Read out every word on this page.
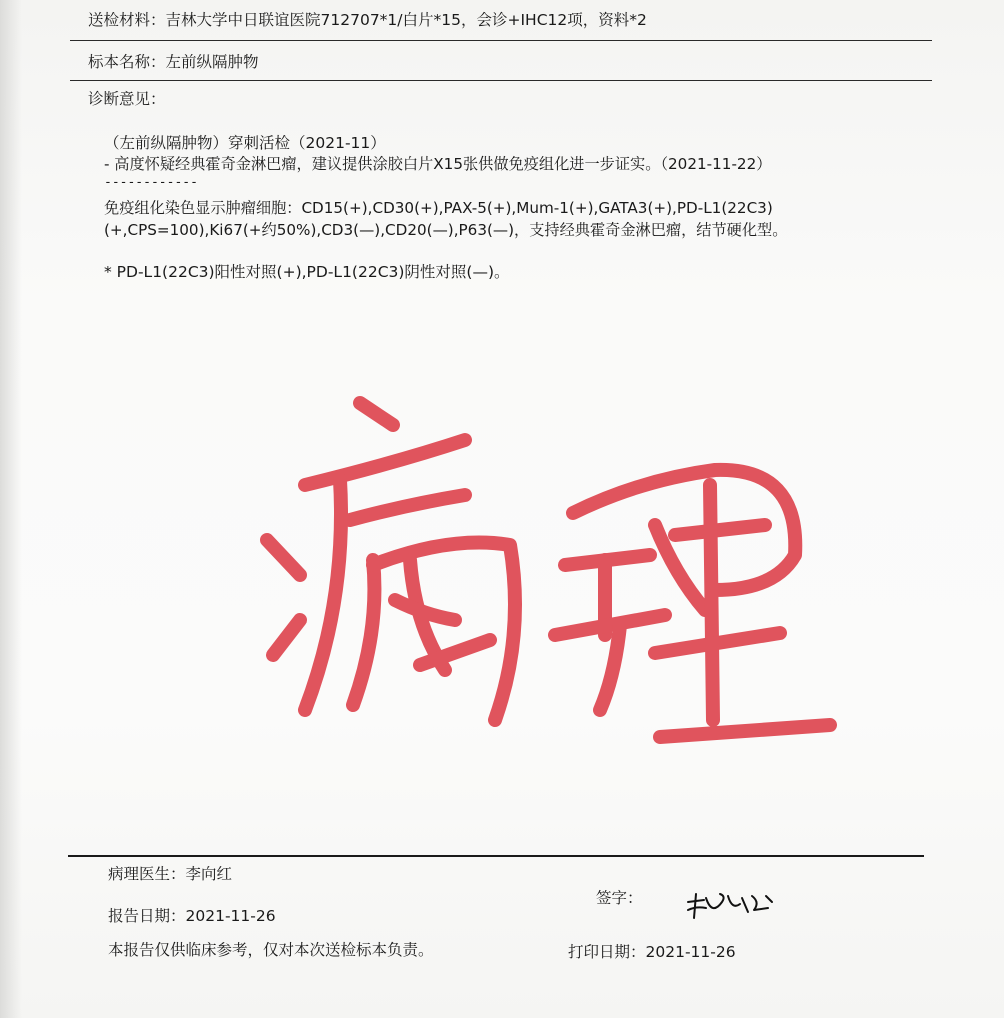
送检材料：吉林大学中日联谊医院712707*1/白片*15，会诊+IHC12项，资料*2
标本名称：左前纵隔肿物
诊断意见：
（左前纵隔肿物）穿刺活检（2021-11）
- 高度怀疑经典霍奇金淋巴瘤，建议提供涂胶白片X15张供做免疫组化进一步证实。（2021-11-22）
------------
免疫组化染色显示肿瘤细胞：CD15(+),CD30(+),PAX-5(+),Mum-1(+),GATA3(+),PD-L1(22C3)
(+,CPS=100),Ki67(+约50%),CD3(—),CD20(—),P63(—)，支持经典霍奇金淋巴瘤，结节硬化型。
* PD-L1(22C3)阳性对照(+),PD-L1(22C3)阴性对照(—)。
病理医生：李向红
签字：
报告日期：2021-11-26
本报告仅供临床参考，仅对本次送检标本负责。	打印日期：2021-11-26
